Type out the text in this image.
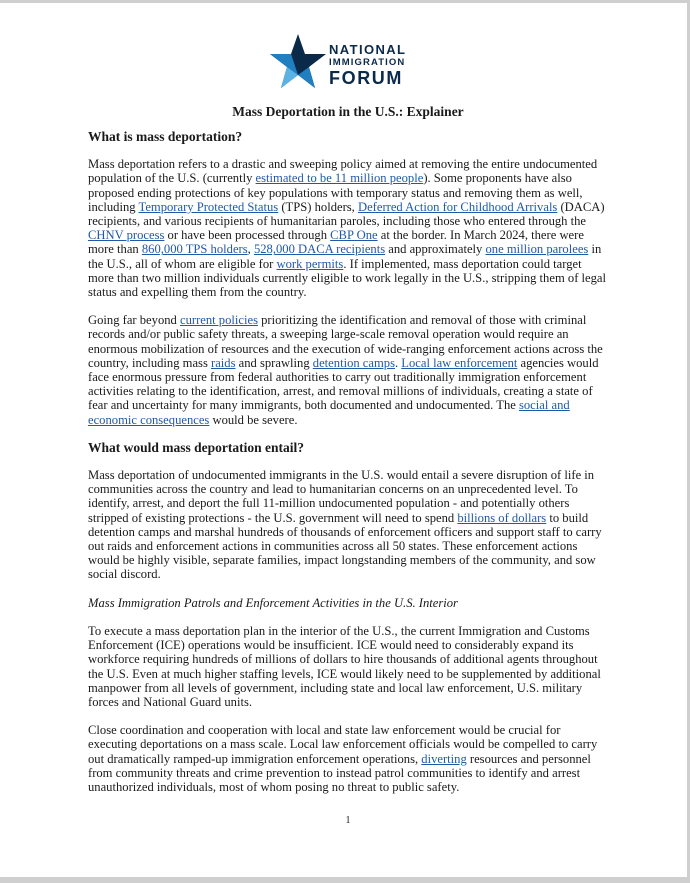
NATIONAL
IMMIGRATION
FORUM
Mass Deportation in the U.S.: Explainer
What is mass deportation?

Mass deportation refers to a drastic and sweeping policy aimed at removing the entire undocumented population of the U.S. (currently estimated to be 11 million people). Some proponents have also proposed ending protections of key populations with temporary status and removing them as well, including Temporary Protected Status (TPS) holders, Deferred Action for Childhood Arrivals (DACA) recipients, and various recipients of humanitarian paroles, including those who entered through the CHNV process or have been processed through CBP One at the border. In March 2024, there were more than 860,000 TPS holders, 528,000 DACA recipients and approximately one million parolees in the U.S., all of whom are eligible for work permits. If implemented, mass deportation could target more than two million individuals currently eligible to work legally in the U.S., stripping them of legal status and expelling them from the country.

Going far beyond current policies prioritizing the identification and removal of those with criminal records and/or public safety threats, a sweeping large-scale removal operation would require an enormous mobilization of resources and the execution of wide-ranging enforcement actions across the country, including mass raids and sprawling detention camps. Local law enforcement agencies would face enormous pressure from federal authorities to carry out traditionally immigration enforcement activities relating to the identification, arrest, and removal millions of individuals, creating a state of fear and uncertainty for many immigrants, both documented and undocumented. The social and economic consequences would be severe.

What would mass deportation entail?

Mass deportation of undocumented immigrants in the U.S. would entail a severe disruption of life in communities across the country and lead to humanitarian concerns on an unprecedented level. To identify, arrest, and deport the full 11-million undocumented population - and potentially others stripped of existing protections - the U.S. government will need to spend billions of dollars to build detention camps and marshal hundreds of thousands of enforcement officers and support staff to carry out raids and enforcement actions in communities across all 50 states. These enforcement actions would be highly visible, separate families, impact longstanding members of the community, and sow social discord.

Mass Immigration Patrols and Enforcement Activities in the U.S. Interior

To execute a mass deportation plan in the interior of the U.S., the current Immigration and Customs Enforcement (ICE) operations would be insufficient. ICE would need to considerably expand its workforce requiring hundreds of millions of dollars to hire thousands of additional agents throughout the U.S. Even at much higher staffing levels, ICE would likely need to be supplemented by additional manpower from all levels of government, including state and local law enforcement, U.S. military forces and National Guard units.

Close coordination and cooperation with local and state law enforcement would be crucial for executing deportations on a mass scale. Local law enforcement officials would be compelled to carry out dramatically ramped-up immigration enforcement operations, diverting resources and personnel from community threats and crime prevention to instead patrol communities to identify and arrest unauthorized individuals, most of whom posing no threat to public safety.

1
